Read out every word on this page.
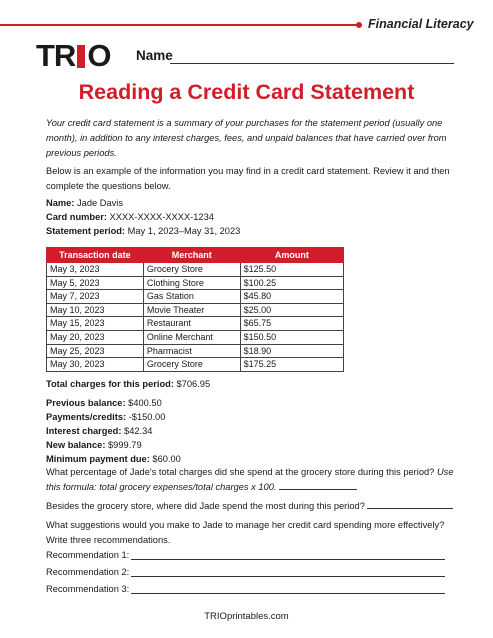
Financial Literacy
TR O Name
Reading a Credit Card Statement
Your credit card statement is a summary of your purchases for the statement period (usually one month), in addition to any interest charges, fees, and unpaid balances that have carried over from previous periods.
Below is an example of the information you may find in a credit card statement. Review it and then complete the questions below.
Name: Jade Davis
Card number: XXXX-XXXX-XXXX-1234
Statement period: May 1, 2023–May 31, 2023
Transaction date	Merchant	Amount
May 3, 2023	Grocery Store	$125.50
May 5, 2023	Clothing Store	$100.25
May 7, 2023	Gas Station	$45.80
May 10, 2023	Movie Theater	$25.00
May 15, 2023	Restaurant	$65.75
May 20, 2023	Online Merchant	$150.50
May 25, 2023	Pharmacist	$18.90
May 30, 2023	Grocery Store	$175.25
Total charges for this period: $706.95
Previous balance: $400.50
Payments/credits: -$150.00
Interest charged: $42.34
New balance: $999.79
Minimum payment due: $60.00
What percentage of Jade's total charges did she spend at the grocery store during this period? Use this formula: total grocery expenses/total charges x 100.
Besides the grocery store, where did Jade spend the most during this period?
What suggestions would you make to Jade to manage her credit card spending more effectively? Write three recommendations.
Recommendation 1:
Recommendation 2:
Recommendation 3:
TRIOprintables.com
